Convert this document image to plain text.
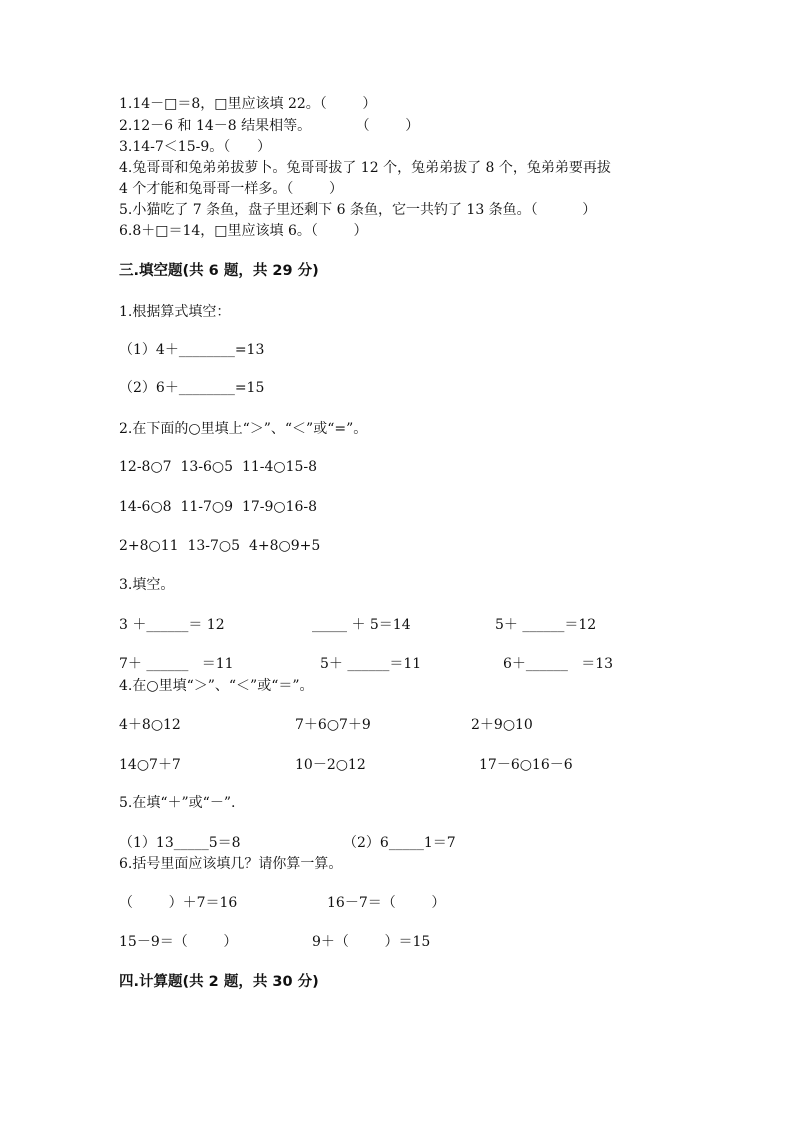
1.14－□＝8，□里应该填 22。（        ）
2.12－6 和 14－8 结果相等。          （        ）
3.14-7＜15-9。（      ）
4.兔哥哥和兔弟弟拔萝卜。兔哥哥拔了 12 个，兔弟弟拔了 8 个，兔弟弟要再拔
4 个才能和兔哥哥一样多。（        ）
5.小猫吃了 7 条鱼，盘子里还剩下 6 条鱼，它一共钓了 13 条鱼。（          ）
6.8＋□＝14，□里应该填 6。（        ）
三.填空题(共 6 题，共 29 分)
1.根据算式填空：
（1）4＋________=13
（2）6＋________=15
2.在下面的○里填上“＞”、“＜”或“=”。
12-8○7  13-6○5  11-4○15-8
14-6○8  11-7○9  17-9○16-8
2+8○11  13-7○5  4+8○9+5
3.填空。
3 ＋______＝ 12	_____ ＋ 5＝14	5＋ ______＝12
7＋ ______   ＝11	5＋ ______＝11	6＋______   ＝13
4.在○里填“＞”、“＜”或“＝”。
4＋8○12	7＋6○7＋9	2＋9○10
14○7＋7	10－2○12	17－6○16－6
5.在填“＋”或“－”.
（1）13_____5＝8	（2）6_____1＝7
6.括号里面应该填几？请你算一算。
（        ）＋7＝16	16－7＝（        ）
15－9＝（        ）	9＋（        ）＝15
四.计算题(共 2 题，共 30 分)
